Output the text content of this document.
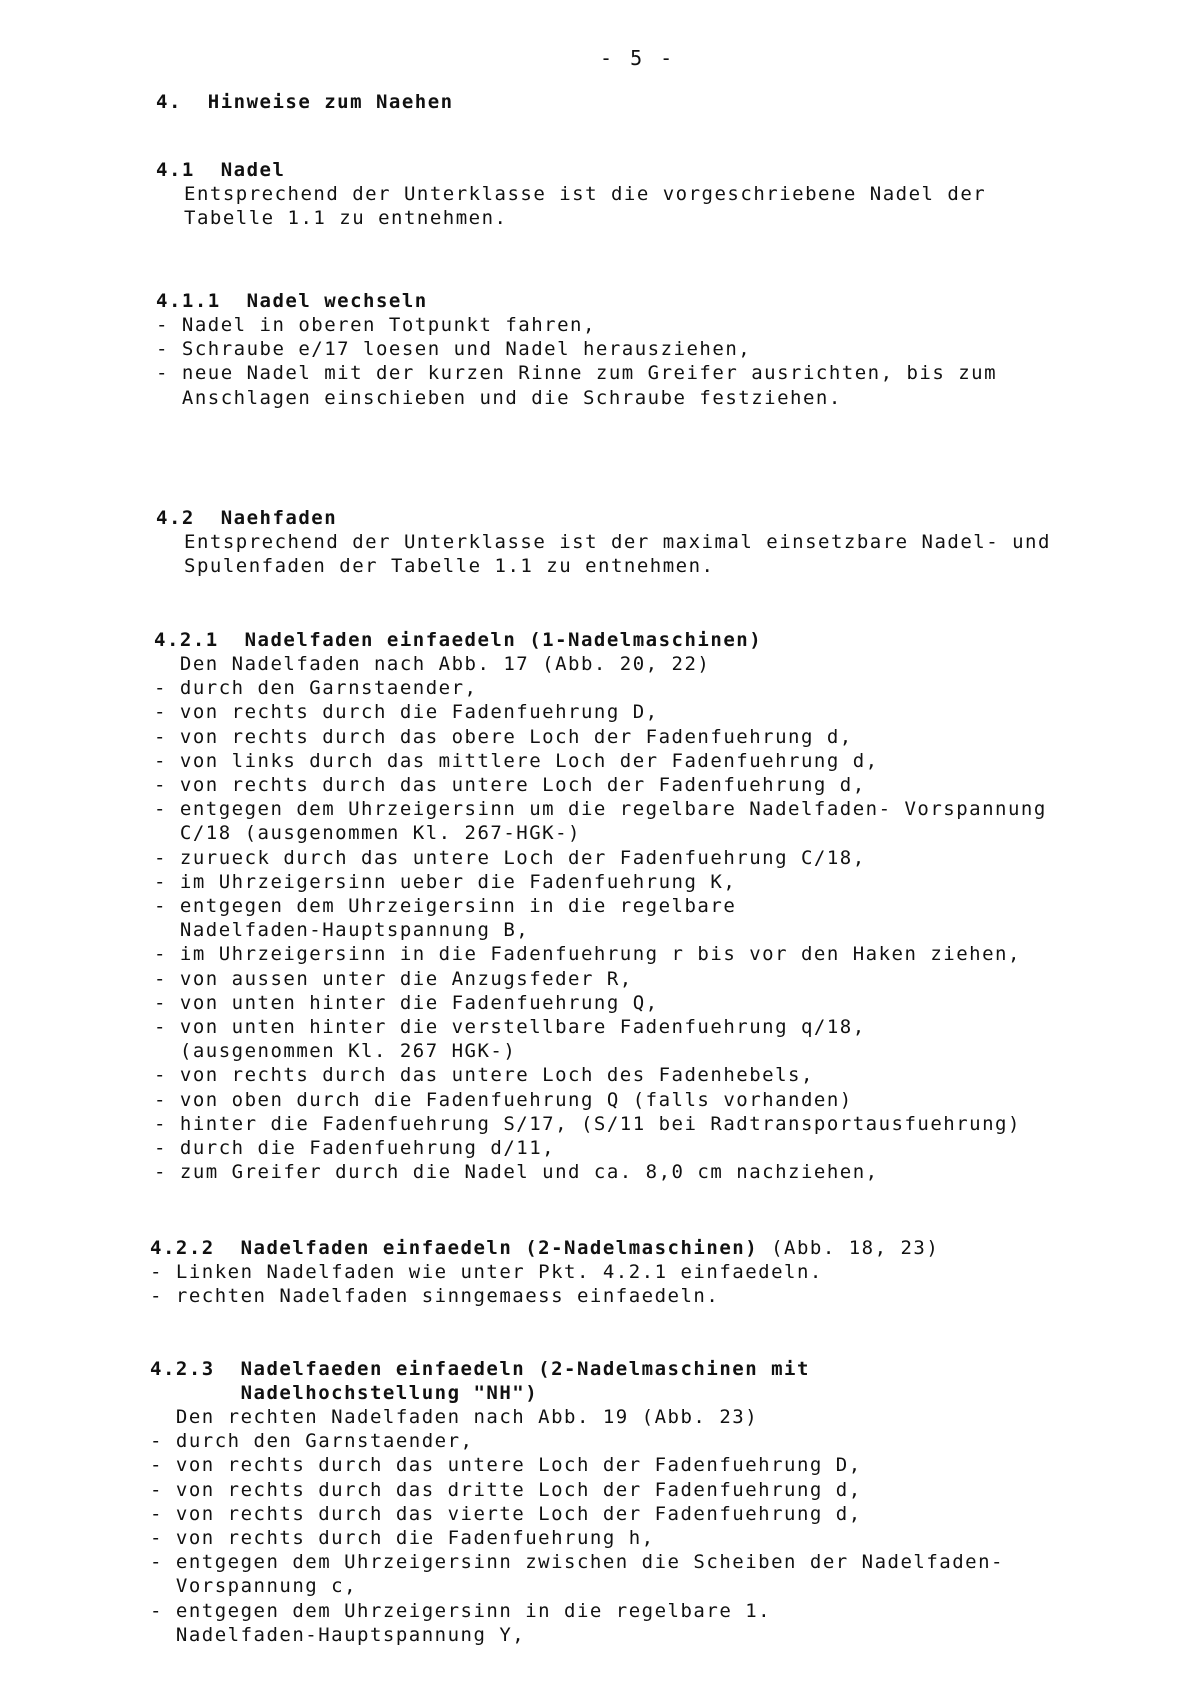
- 5 -
4.  Hinweise zum Naehen
4.1  Nadel
Entsprechend der Unterklasse ist die vorgeschriebene Nadel der
Tabelle 1.1 zu entnehmen.
4.1.1  Nadel wechseln
- Nadel in oberen Totpunkt fahren,
- Schraube e/17 loesen und Nadel herausziehen,
- neue Nadel mit der kurzen Rinne zum Greifer ausrichten, bis zum
Anschlagen einschieben und die Schraube festziehen.
4.2  Naehfaden
Entsprechend der Unterklasse ist der maximal einsetzbare Nadel- und
Spulenfaden der Tabelle 1.1 zu entnehmen.
4.2.1  Nadelfaden einfaedeln (1-Nadelmaschinen)
Den Nadelfaden nach Abb. 17 (Abb. 20, 22)
- durch den Garnstaender,
- von rechts durch die Fadenfuehrung D,
- von rechts durch das obere Loch der Fadenfuehrung d,
- von links durch das mittlere Loch der Fadenfuehrung d,
- von rechts durch das untere Loch der Fadenfuehrung d,
- entgegen dem Uhrzeigersinn um die regelbare Nadelfaden- Vorspannung
C/18 (ausgenommen Kl. 267-HGK-)
- zurueck durch das untere Loch der Fadenfuehrung C/18,
- im Uhrzeigersinn ueber die Fadenfuehrung K,
- entgegen dem Uhrzeigersinn in die regelbare
Nadelfaden-Hauptspannung B,
- im Uhrzeigersinn in die Fadenfuehrung r bis vor den Haken ziehen,
- von aussen unter die Anzugsfeder R,
- von unten hinter die Fadenfuehrung Q,
- von unten hinter die verstellbare Fadenfuehrung q/18,
(ausgenommen Kl. 267 HGK-)
- von rechts durch das untere Loch des Fadenhebels,
- von oben durch die Fadenfuehrung Q (falls vorhanden)
- hinter die Fadenfuehrung S/17, (S/11 bei Radtransportausfuehrung)
- durch die Fadenfuehrung d/11,
- zum Greifer durch die Nadel und ca. 8,0 cm nachziehen,
4.2.2  Nadelfaden einfaedeln (2-Nadelmaschinen) (Abb. 18, 23)
- Linken Nadelfaden wie unter Pkt. 4.2.1 einfaedeln.
- rechten Nadelfaden sinngemaess einfaedeln.
4.2.3  Nadelfaeden einfaedeln (2-Nadelmaschinen mit
Nadelhochstellung "NH")
Den rechten Nadelfaden nach Abb. 19 (Abb. 23)
- durch den Garnstaender,
- von rechts durch das untere Loch der Fadenfuehrung D,
- von rechts durch das dritte Loch der Fadenfuehrung d,
- von rechts durch das vierte Loch der Fadenfuehrung d,
- von rechts durch die Fadenfuehrung h,
- entgegen dem Uhrzeigersinn zwischen die Scheiben der Nadelfaden-
Vorspannung c,
- entgegen dem Uhrzeigersinn in die regelbare 1.
Nadelfaden-Hauptspannung Y,
